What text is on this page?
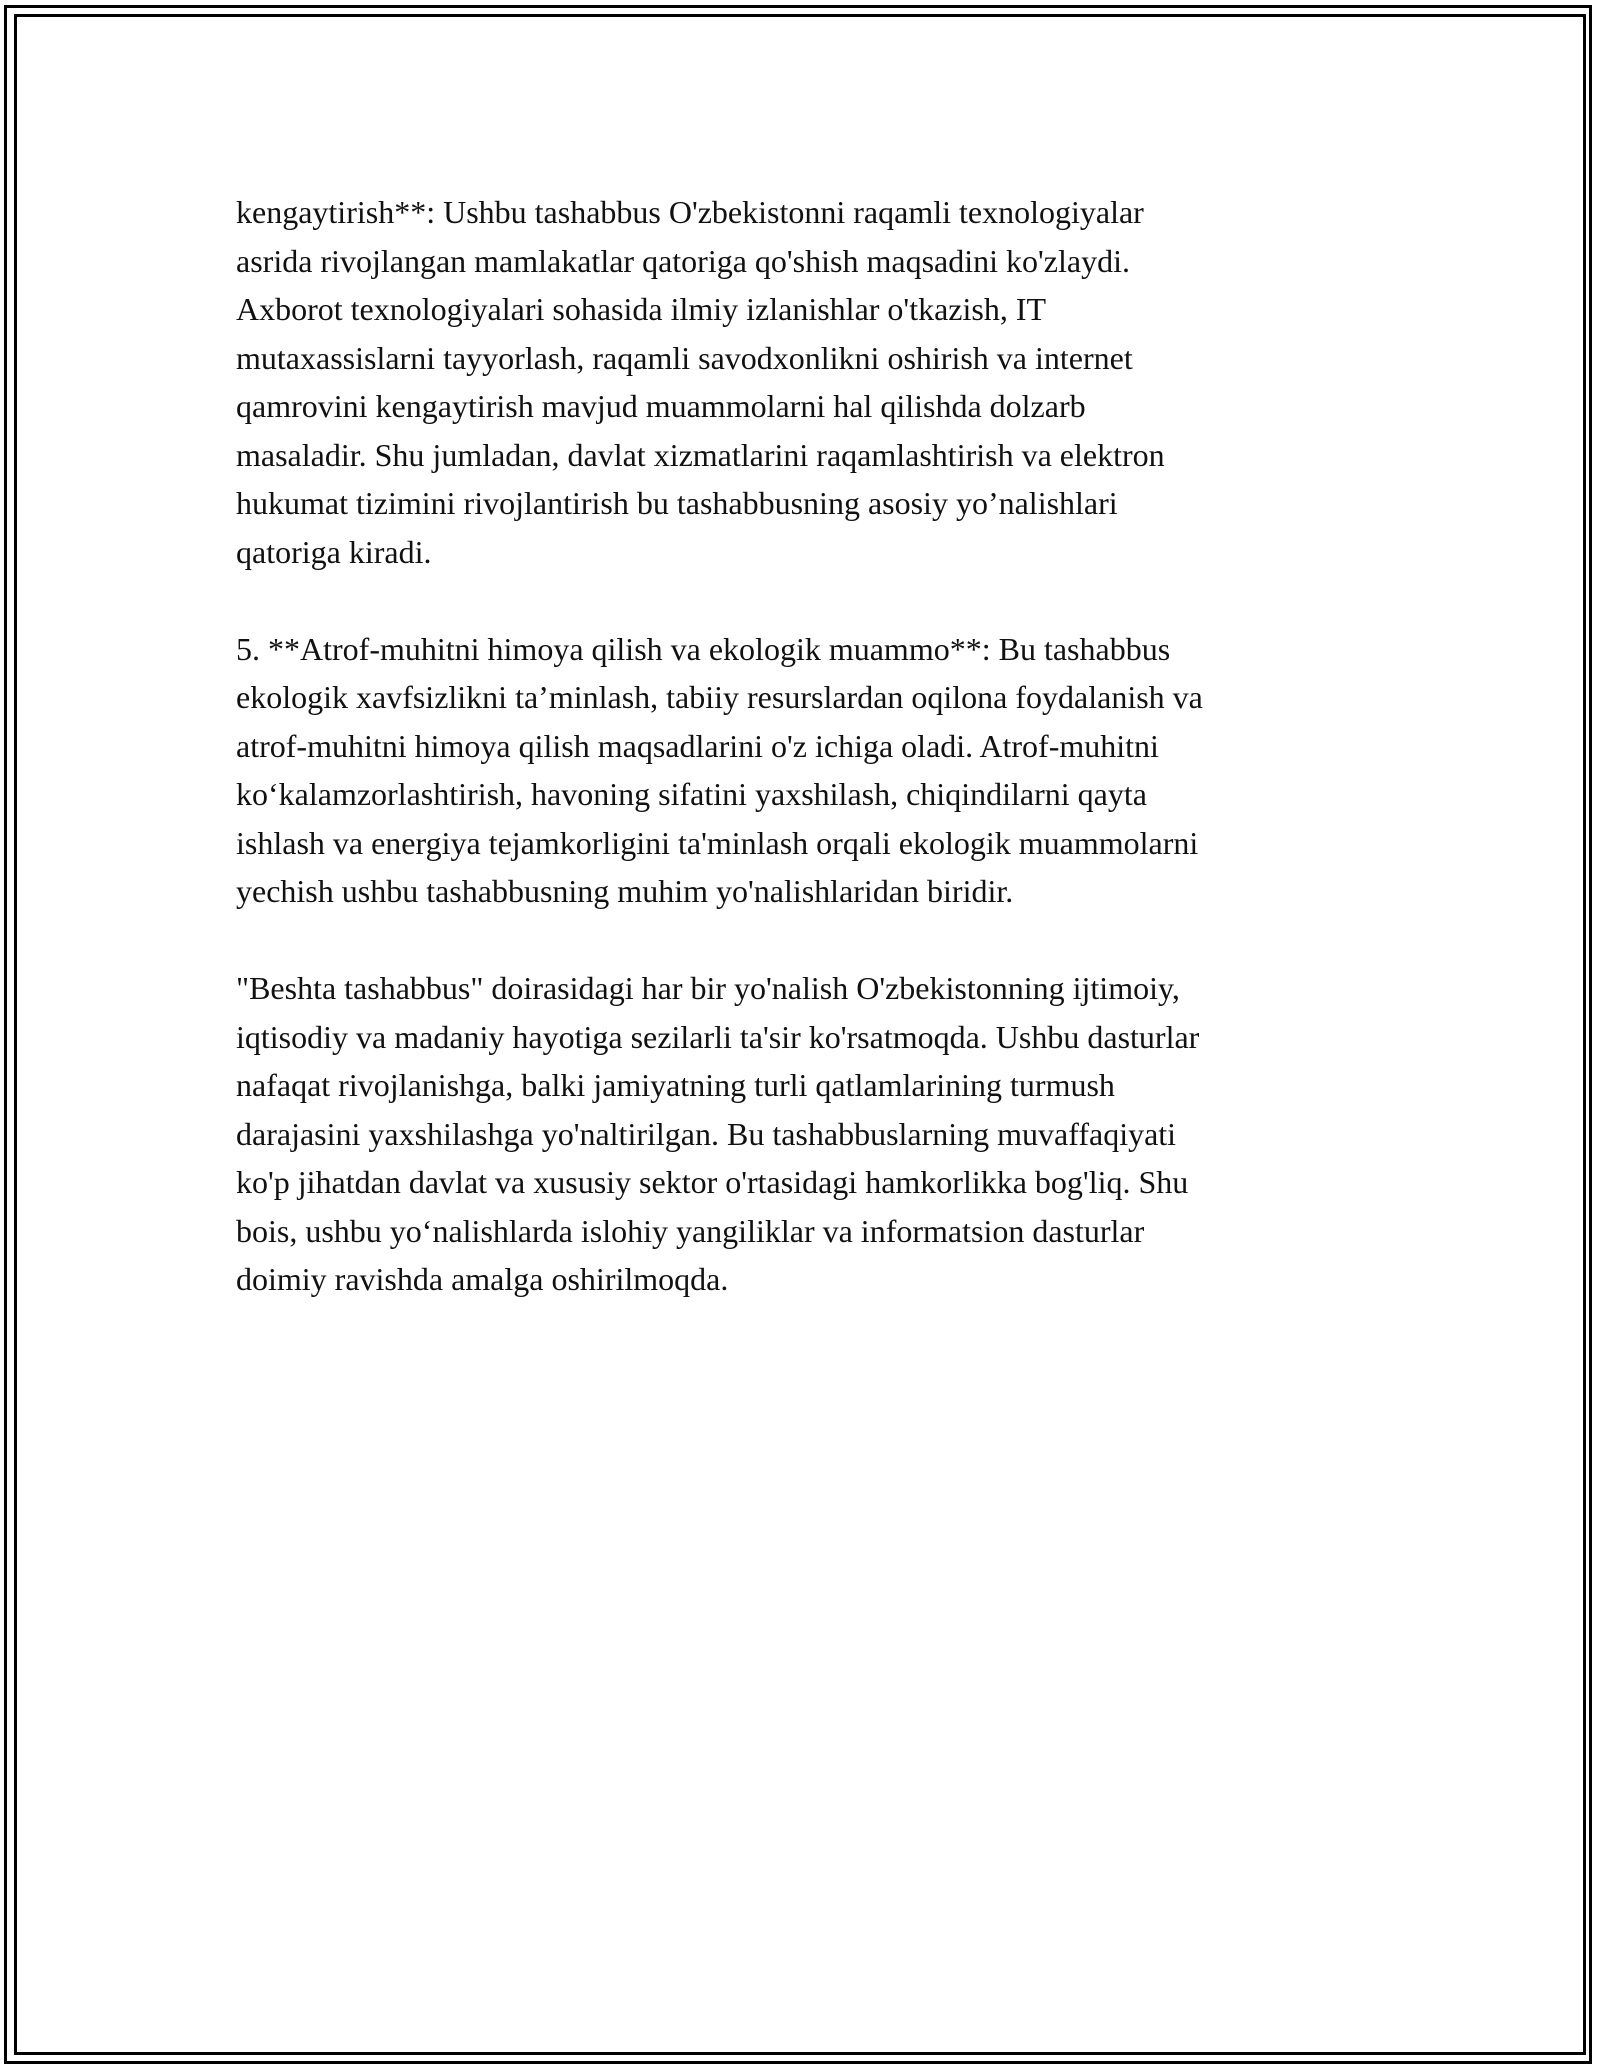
kengaytirish**: Ushbu tashabbus O'zbekistonni raqamli texnologiyalar
asrida rivojlangan mamlakatlar qatoriga qo'shish maqsadini ko'zlaydi.
Axborot texnologiyalari sohasida ilmiy izlanishlar o'tkazish, IT
mutaxassislarni tayyorlash, raqamli savodxonlikni oshirish va internet
qamrovini kengaytirish mavjud muammolarni hal qilishda dolzarb
masaladir. Shu jumladan, davlat xizmatlarini raqamlashtirish va elektron
hukumat tizimini rivojlantirish bu tashabbusning asosiy yo’nalishlari
qatoriga kiradi.

5. **Atrof-muhitni himoya qilish va ekologik muammo**: Bu tashabbus
ekologik xavfsizlikni ta’minlash, tabiiy resurslardan oqilona foydalanish va
atrof-muhitni himoya qilish maqsadlarini o'z ichiga oladi. Atrof-muhitni
ko‘kalamzorlashtirish, havoning sifatini yaxshilash, chiqindilarni qayta
ishlash va energiya tejamkorligini ta'minlash orqali ekologik muammolarni
yechish ushbu tashabbusning muhim yo'nalishlaridan biridir.

"Beshta tashabbus" doirasidagi har bir yo'nalish O'zbekistonning ijtimoiy,
iqtisodiy va madaniy hayotiga sezilarli ta'sir ko'rsatmoqda. Ushbu dasturlar
nafaqat rivojlanishga, balki jamiyatning turli qatlamlarining turmush
darajasini yaxshilashga yo'naltirilgan. Bu tashabbuslarning muvaffaqiyati
ko'p jihatdan davlat va xususiy sektor o'rtasidagi hamkorlikka bog'liq. Shu
bois, ushbu yo‘nalishlarda islohiy yangiliklar va informatsion dasturlar
doimiy ravishda amalga oshirilmoqda.
